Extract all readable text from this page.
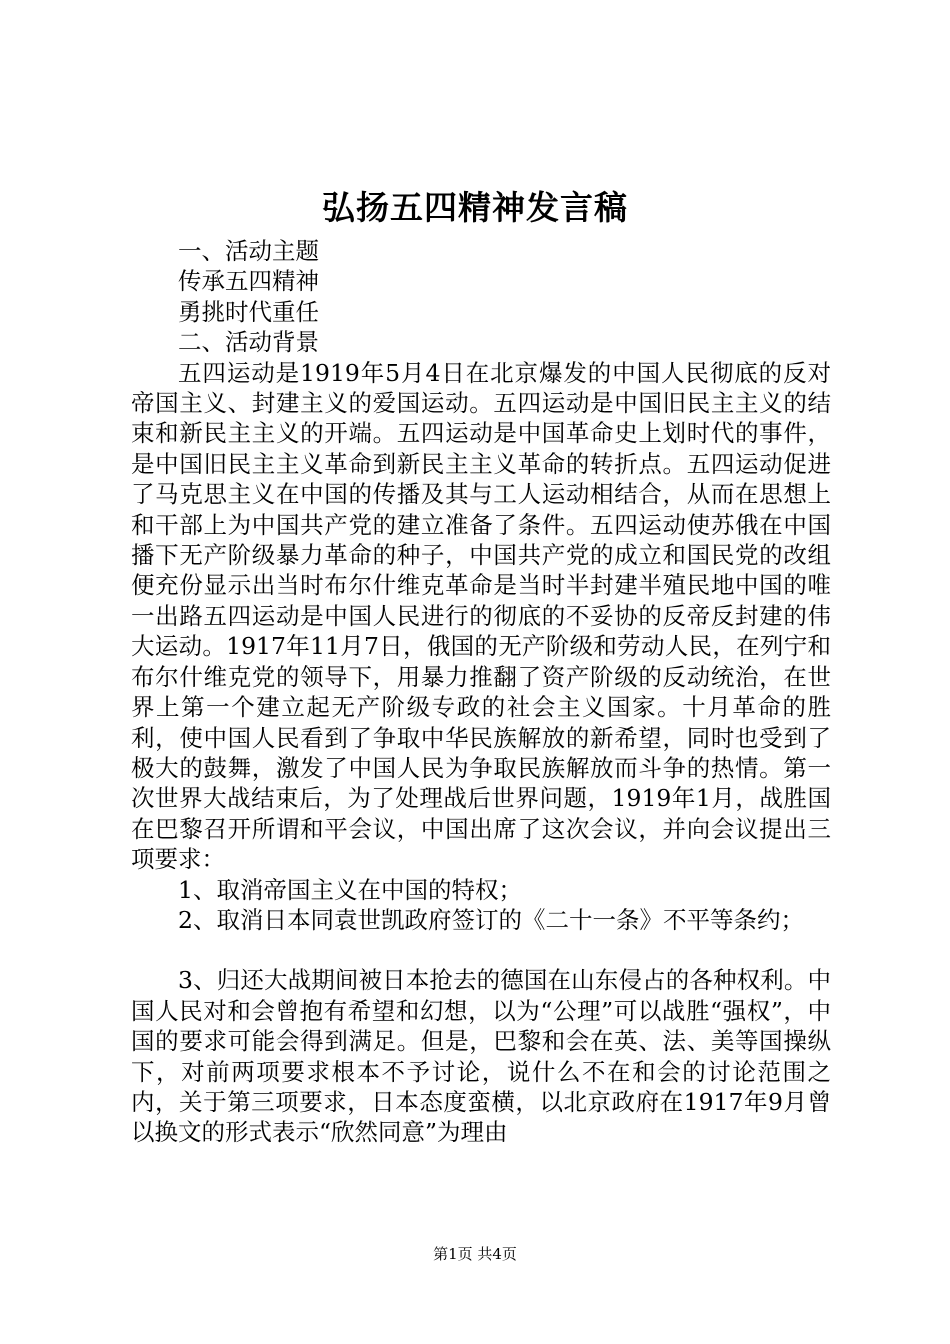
弘扬五四精神发言稿

一、活动主题

传承五四精神

勇挑时代重任

二、活动背景

五四运动是1919年5月4日在北京爆发的中国人民彻底的反对帝国主义、封建主义的爱国运动。五四运动是中国旧民主主义的结束和新民主主义的开端。五四运动是中国革命史上划时代的事件，是中国旧民主主义革命到新民主主义革命的转折点。五四运动促进了马克思主义在中国的传播及其与工人运动相结合，从而在思想上和干部上为中国共产党的建立准备了条件。五四运动使苏俄在中国播下无产阶级暴力革命的种子，中国共产党的成立和国民党的改组便充份显示出当时布尔什维克革命是当时半封建半殖民地中国的唯一出路五四运动是中国人民进行的彻底的不妥协的反帝反封建的伟大运动。1917年11月7日，俄国的无产阶级和劳动人民，在列宁和布尔什维克党的领导下，用暴力推翻了资产阶级的反动统治，在世界上第一个建立起无产阶级专政的社会主义国家。十月革命的胜利，使中国人民看到了争取中华民族解放的新希望，同时也受到了极大的鼓舞，激发了中国人民为争取民族解放而斗争的热情。第一次世界大战结束后，为了处理战后世界问题，1919年1月，战胜国在巴黎召开所谓和平会议，中国出席了这次会议，并向会议提出三项要求：

1、取消帝国主义在中国的特权；

2、取消日本同袁世凯政府签订的《二十一条》不平等条约；

3、归还大战期间被日本抢去的德国在山东侵占的各种权利。中国人民对和会曾抱有希望和幻想，以为“公理”可以战胜“强权”，中国的要求可能会得到满足。但是，巴黎和会在英、法、美等国操纵下，对前两项要求根本不予讨论，说什么不在和会的讨论范围之内，关于第三项要求，日本态度蛮横，以北京政府在1917年9月曾以换文的形式表示“欣然同意”为理由

第1页 共4页
